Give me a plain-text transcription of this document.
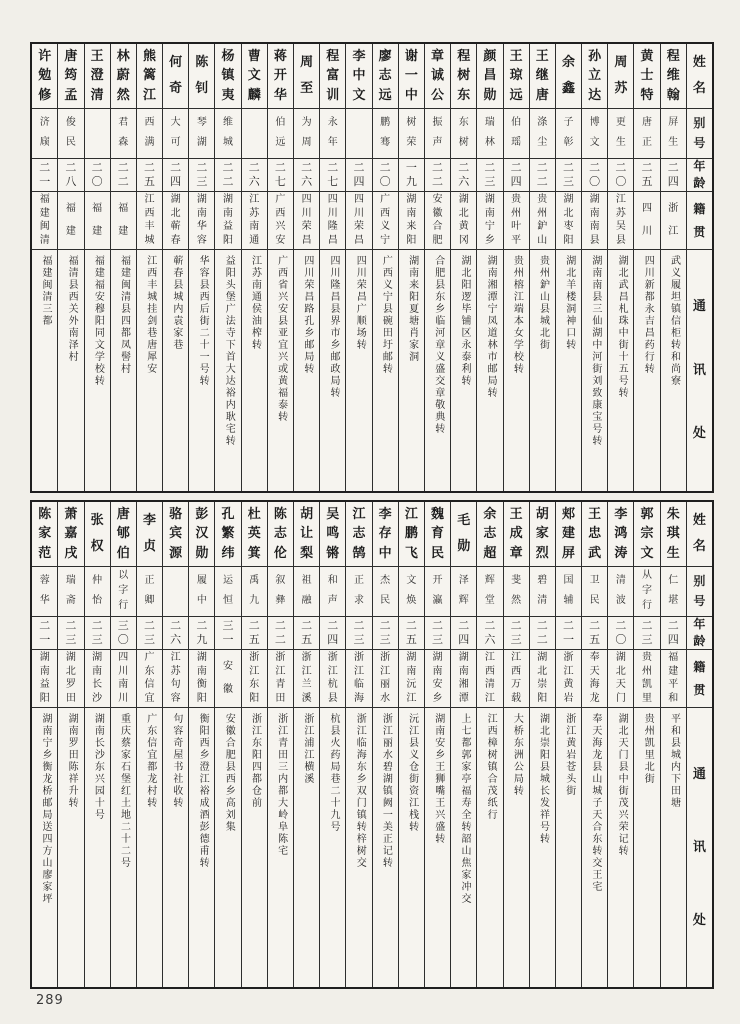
姓
名
别
号
年
龄
籍
贯
通
讯
处
程
维
翰
屏
生
二
四
浙
江
武义履坦镇信柜转和尚寮
黄
士
特
唐
正
二
五
四
川
四川新都永吉昌药行转
周
苏
更
生
二
〇
江
苏
吴
县
湖北武昌札珠中街十五号转
孙
立
达
博
文
二
〇
湖
南
南
县
湖南南县三仙湖中河街刘致康宝号转
余
鑫
子
彰
二
三
湖
北
枣
阳
湖北羊楼洞神口转
王
继
唐
涤
尘
二
二
贵
州
鈩
山
贵州鈩山县城北街
王
琼
远
伯
瑶
二
四
贵
州
叶
平
贵州榕江端本女学校转
颜
昌
勋
瑞
林
二
三
湖
南
宁
乡
湖南湘潭宁凤道林市邮局转
程
树
东
东
树
二
六
湖
北
黄
冈
湖北阳逻毕铺区永泰利转
章
诚
公
振
声
二
二
安
徽
合
肥
合肥县东乡临河章义盛交章敬典转
谢
一
中
树
荣
一
九
湖
南
来
阳
湖南来阳夏塘肖家洞
廖
志
远
鹏
骞
二
〇
广
西
义
宁
广西义宁县碗田圩邮转
李
中
文
二
四
四
川
荣
昌
四川荣昌广顺场转
程
富
训
永
年
二
七
四
川
隆
昌
四川隆昌县界市乡邮政局转
周
至
为
周
二
六
四
川
荣
昌
四川荣昌路孔乡邮局转
蒋
开
华
伯
远
二
七
广
西
兴
安
广西省兴安县亚宜兴或黄福泰转
曹
文
麟
二
六
江
苏
南
通
江苏南通侯油榨转
杨
镇
夷
维
城
二
二
湖
南
益
阳
益阳头堡广法寺下首大达裕内耿宅转
陈
钊
琴
湖
二
三
湖
南
华
容
华容县西后街二十一号转
何
奇
大
可
二
四
湖
北
蕲
春
蕲春县城内袁家巷
熊
篱
江
西
满
二
五
江
西
丰
城
江西丰城挂剑巷唐犀安
林
蔚
然
君
森
二
二
福
建
福建闽清县四都凤髻村
王
澄
清
二
〇
福
建
福建福安穆阳同文学校转
唐
筠
孟
俊
民
二
八
福
建
福清县西关外南泽村
许
勉
修
济
庼
二
一
福
建
闽
清
福建闽清三都
姓
名
别
号
年
龄
籍
贯
通
讯
处
朱
琪
生
仁
堪
二
四
福
建
平
和
平和县城内下田塘
郭
宗
文
从
字
行
二
三
贵
州
凯
里
贵州凯里北街
李
鸿
涛
清
波
二
〇
湖
北
天
门
湖北天门县中街茂兴荣记转
王
忠
武
卫
民
二
五
奉
天
海
龙
奉天海龙县山城子天合东转交王宅
郏
建
屏
国
辅
二
一
浙
江
黄
岩
浙江黄岩苍头街
胡
家
烈
碧
清
二
二
湖
北
崇
阳
湖北崇阳县城长发祥号转
王
成
章
斐
然
二
三
江
西
万
载
大桥东洲公局转
余
志
超
辉
堂
二
六
江
西
清
江
江西樟树镇合茂纸行
毛
勋
泽
辉
二
四
湖
南
湘
潭
上七都郭家亭福寿全转韶山焦家冲交
魏
育
民
开
瀛
二
三
湖
南
安
乡
湖南安乡王狮嘴王兴盛转
江
鹏
飞
文
焕
二
五
湖
南
沅
江
沅江县义仓街资江栈转
李
存
中
杰
民
二
三
浙
江
丽
水
浙江丽水碧湖镇阙一美正记转
江
志
鹄
正
求
二
三
浙
江
临
海
浙江临海东乡双门镇转梓树交
吴
鸣
锵
和
声
二
四
浙
江
杭
县
杭县火药局巷二十九号
胡
让
梨
祖
融
二
五
浙
江
兰
溪
浙江浦江横溪
陈
志
伦
叙
彝
二
二
浙
江
青
田
浙江青田三内都大岭阜陈宅
杜
英
箕
禹
九
二
五
浙
江
东
阳
浙江东阳四都仓前
孔
繁
纬
运
恒
三
一
安
徽
安徽合肥县西乡高刘集
彭
汉
勋
履
中
二
九
湖
南
衡
阳
衡阳西乡澄江裕成酒彭德甫转
骆
宾
源
二
六
江
苏
句
容
句容奇屋书社收转
李
贞
正
卿
二
三
广
东
信
宜
广东信宜都龙村转
唐
郇
伯
以
字
行
三
〇
四
川
南
川
重庆蔡家石堡红土地二十二号
张
权
仲
怡
二
三
湖
南
长
沙
湖南长沙东兴园十号
萧
嘉
戌
瑞
斋
二
三
湖
北
罗
田
湖南罗田陈祥升转
陈
家
范
蓉
华
二
一
湖
南
益
阳
湖南宁乡衡龙桥邮局送四方山廖家坪
289
